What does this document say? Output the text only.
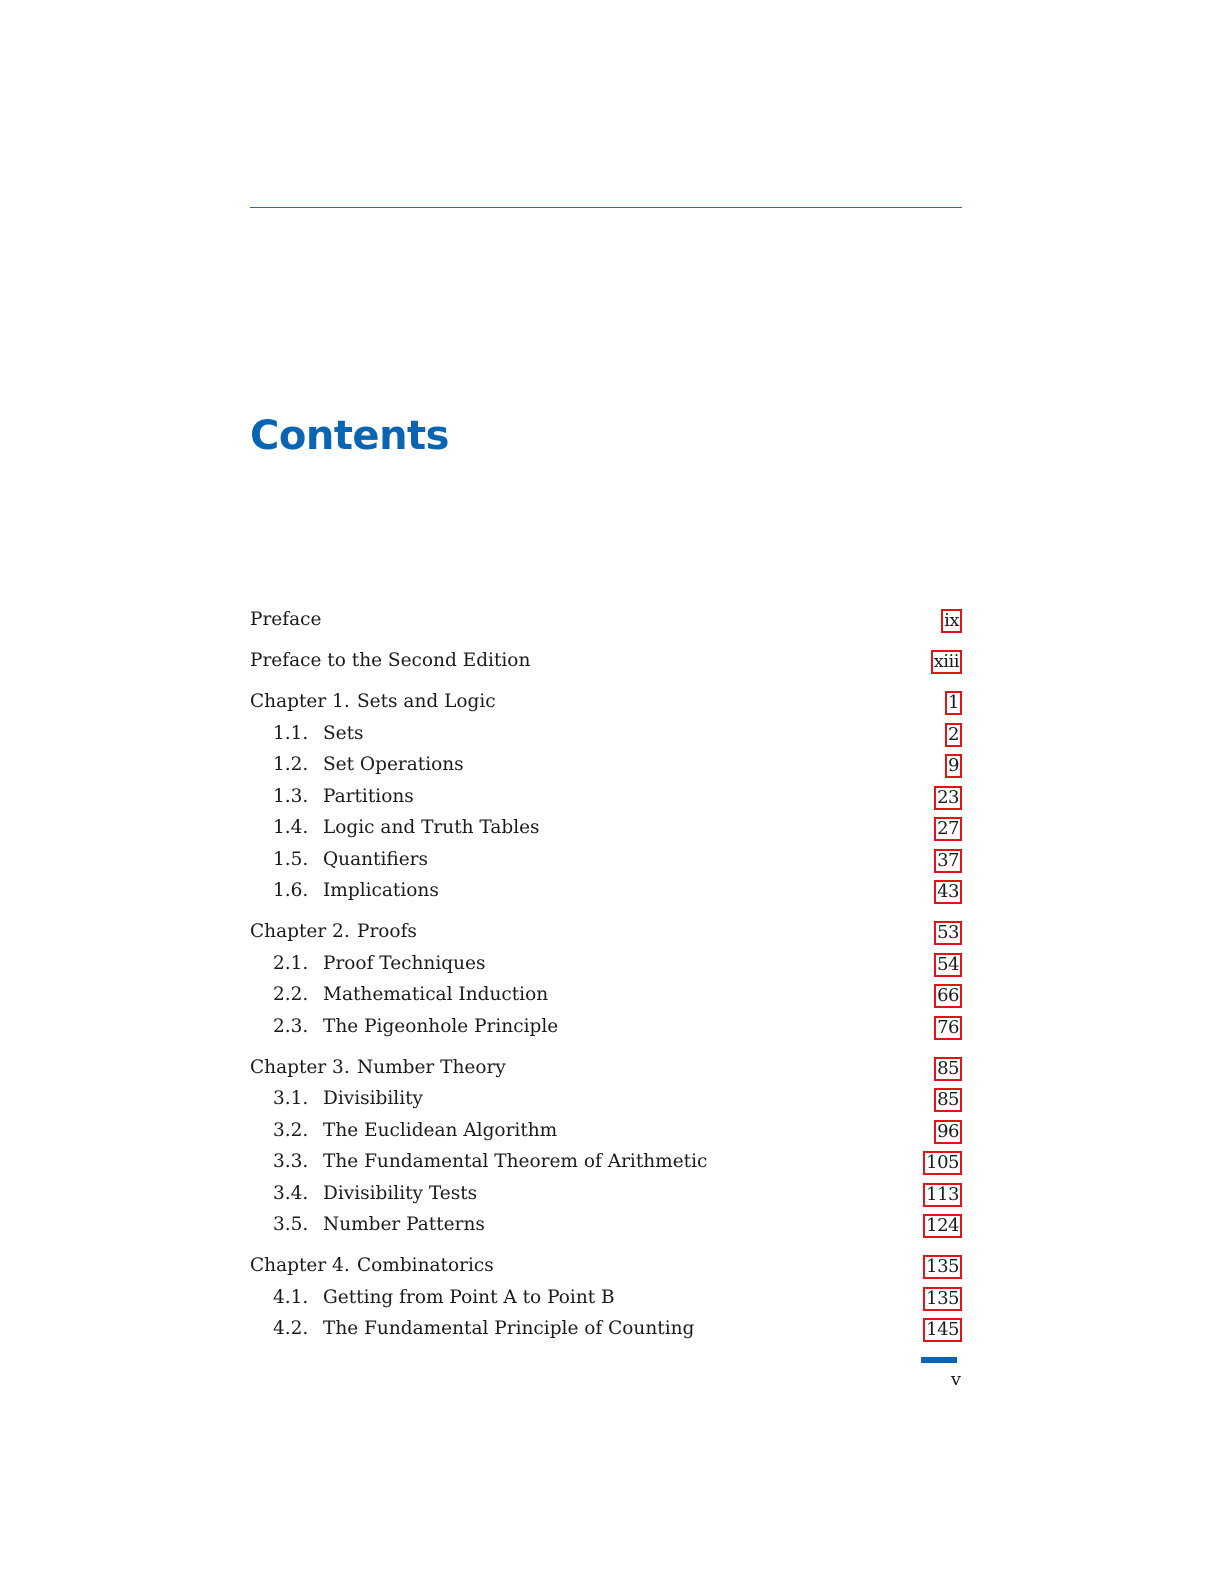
Contents
Preface	ix
Preface to the Second Edition	xiii
Chapter 1. Sets and Logic	1
1.1. Sets	2
1.2. Set Operations	9
1.3. Partitions	23
1.4. Logic and Truth Tables	27
1.5. Quantifiers	37
1.6. Implications	43
Chapter 2. Proofs	53
2.1. Proof Techniques	54
2.2. Mathematical Induction	66
2.3. The Pigeonhole Principle	76
Chapter 3. Number Theory	85
3.1. Divisibility	85
3.2. The Euclidean Algorithm	96
3.3. The Fundamental Theorem of Arithmetic	105
3.4. Divisibility Tests	113
3.5. Number Patterns	124
Chapter 4. Combinatorics	135
4.1. Getting from Point A to Point B	135
4.2. The Fundamental Principle of Counting	145
v
